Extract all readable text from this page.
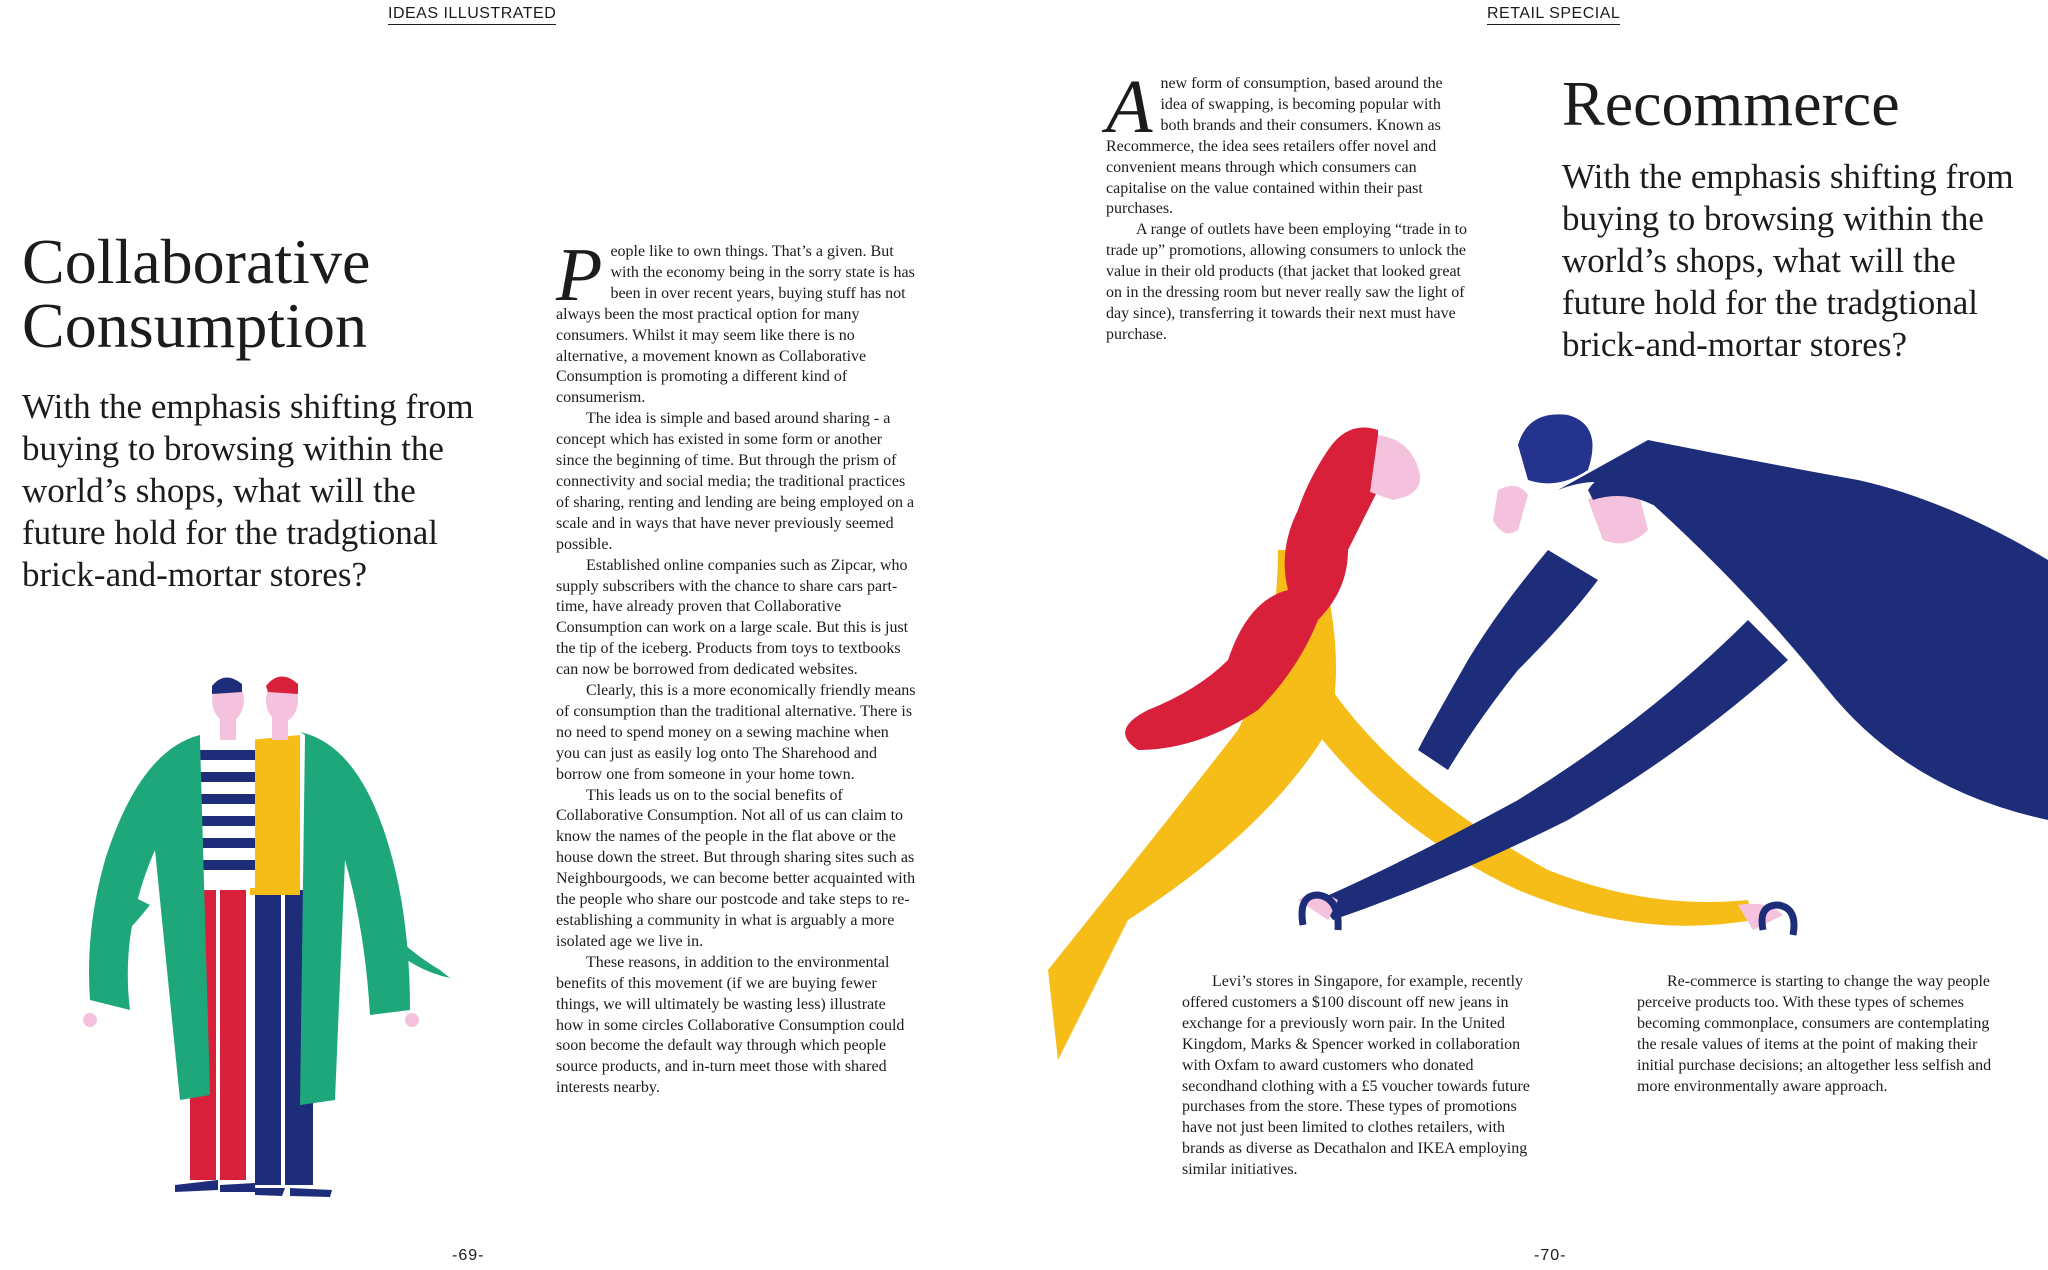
IDEAS ILLUSTRATED
Collaborative
Consumption

With the emphasis shifting from buying to browsing within the world’s shops, what will the future hold for the tradgtional brick-and-mortar stores?

P eople like to own things. That’s a given. But with the economy being in the sorry state is has been in over recent years, buying stuff has not always been the most practical option for many consumers. Whilst it may seem like there is no alternative, a movement known as Collaborative Consumption is promoting a different kind of consumerism.

The idea is simple and based around sharing - a concept which has existed in some form or another since the beginning of time. But through the prism of connectivity and social media; the traditional practices of sharing, renting and lending are being employed on a scale and in ways that have never previously seemed possible.

Established online companies such as Zipcar, who supply subscribers with the chance to share cars part-time, have already proven that Collaborative Consumption can work on a large scale. But this is just the tip of the iceberg. Products from toys to textbooks can now be borrowed from dedicated websites.

Clearly, this is a more economically friendly means of consumption than the traditional alternative. There is no need to spend money on a sewing machine when you can just as easily log onto The Sharehood and borrow one from someone in your home town.

This leads us on to the social benefits of Collaborative Consumption. Not all of us can claim to know the names of the people in the flat above or the house down the street. But through sharing sites such as Neighbourgoods, we can become better acquainted with the people who share our postcode and take steps to re-establishing a community in what is arguably a more isolated age we live in.

These reasons, in addition to the environmental benefits of this movement (if we are buying fewer things, we will ultimately be wasting less) illustrate how in some circles Collaborative Consumption could soon become the default way through which people source products, and in-turn meet those with shared interests nearby.

-69-
RETAIL SPECIAL
A new form of consumption, based around the idea of swapping, is becoming popular with both brands and their consumers. Known as Recommerce, the idea sees retailers offer novel and convenient means through which consumers can capitalise on the value contained within their past purchases.

A range of outlets have been employing “trade in to trade up” promotions, allowing consumers to unlock the value in their old products (that jacket that looked great on in the dressing room but never really saw the light of day since), transferring it towards their next must have purchase.

Recommerce

With the emphasis shifting from buying to browsing within the world’s shops, what will the future hold for the tradgtional brick-and-mortar stores?

Levi’s stores in Singapore, for example, recently offered customers a $100 discount off new jeans in exchange for a previously worn pair. In the United Kingdom, Marks & Spencer worked in collaboration with Oxfam to award customers who donated secondhand clothing with a £5 voucher towards future purchases from the store. These types of promotions have not just been limited to clothes retailers, with brands as diverse as Decathalon and IKEA employing similar initiatives.

Re-commerce is starting to change the way people perceive products too. With these types of schemes becoming commonplace, consumers are contemplating the resale values of items at the point of making their initial purchase decisions; an altogether less selfish and more environmentally aware approach.

-70-
